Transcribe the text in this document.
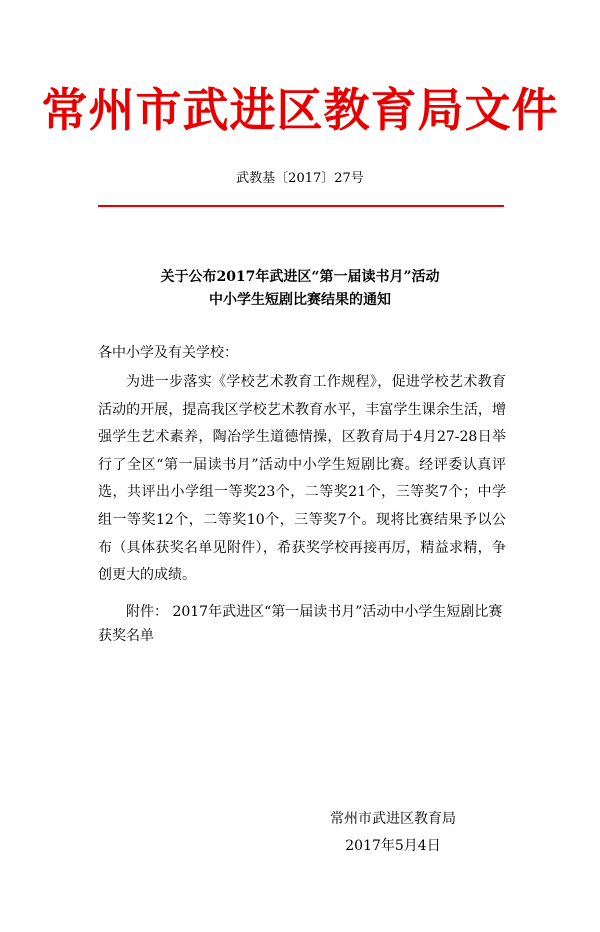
常州市武进区教育局文件
武教基〔2017〕27号
关于公布2017年武进区“第一届读书月”活动
中小学生短剧比赛结果的通知
各中小学及有关学校：

为进一步落实《学校艺术教育工作规程》，促进学校艺术教育活动的开展，提高我区学校艺术教育水平，丰富学生课余生活，增强学生艺术素养，陶冶学生道德情操，区教育局于4月27-28日举行了全区“第一届读书月”活动中小学生短剧比赛。经评委认真评选，共评出小学组一等奖23个，二等奖21个，三等奖7个；中学组一等奖12个，二等奖10个，三等奖7个。现将比赛结果予以公布（具体获奖名单见附件），希获奖学校再接再厉，精益求精，争创更大的成绩。

附件： 2017年武进区“第一届读书月”活动中小学生短剧比赛获奖名单

常州市武进区教育局
2017年5月4日
